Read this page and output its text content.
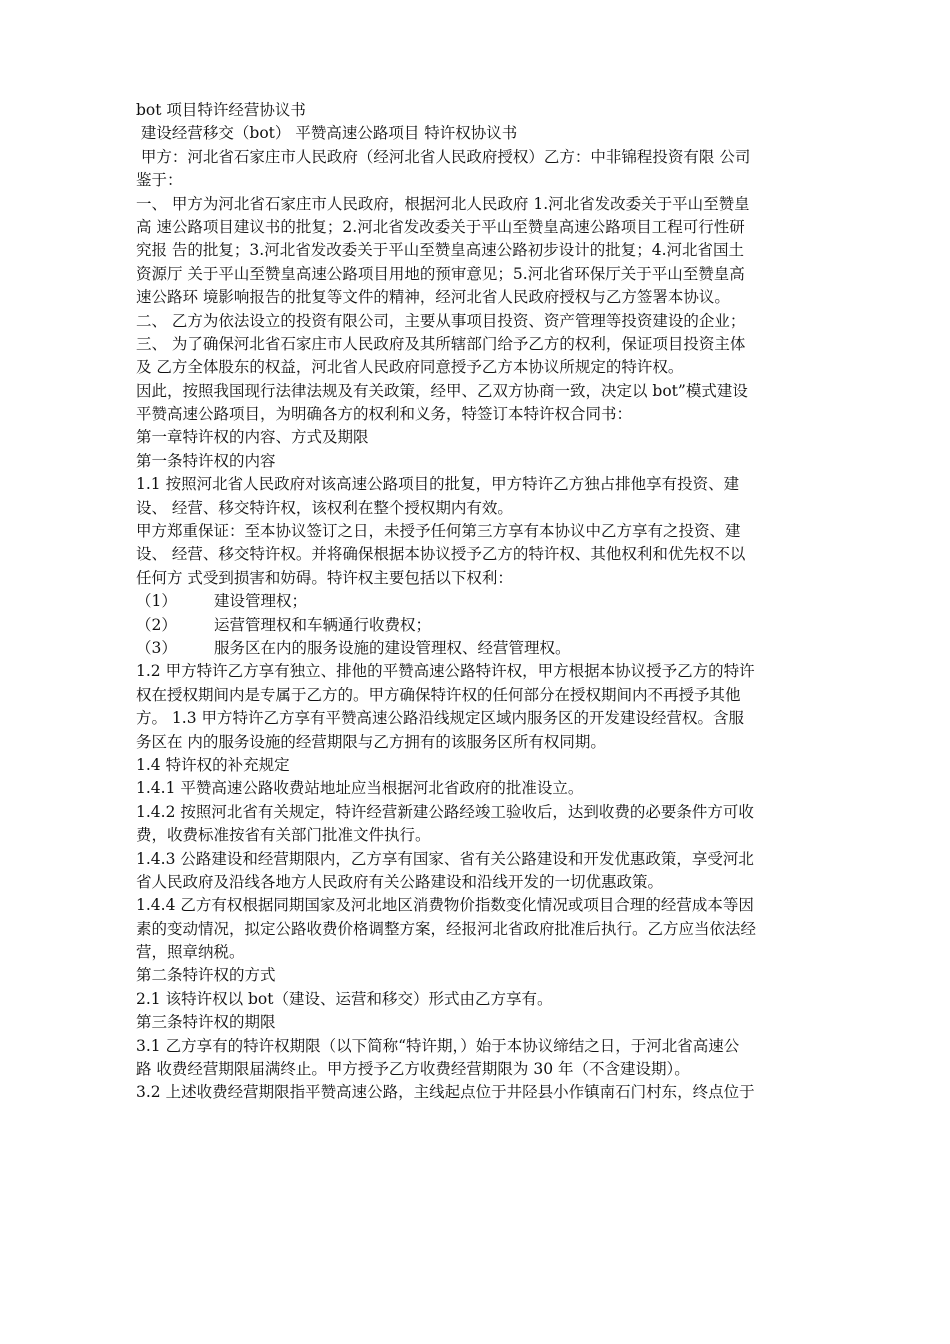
bot 项目特许经营协议书
建设经营移交（bot） 平赞高速公路项目 特许权协议书
甲方：河北省石家庄市人民政府（经河北省人民政府授权）乙方：中非锦程投资有限 公司
鉴于：
一、 甲方为河北省石家庄市人民政府，根据河北人民政府 1.河北省发改委关于平山至赞皇
高 速公路项目建议书的批复；2.河北省发改委关于平山至赞皇高速公路项目工程可行性研
究报 告的批复；3.河北省发改委关于平山至赞皇高速公路初步设计的批复；4.河北省国土
资源厅 关于平山至赞皇高速公路项目用地的预审意见；5.河北省环保厅关于平山至赞皇高
速公路环 境影响报告的批复等文件的精神，经河北省人民政府授权与乙方签署本协议。
二、 乙方为依法设立的投资有限公司，主要从事项目投资、资产管理等投资建设的企业；
三、 为了确保河北省石家庄市人民政府及其所辖部门给予乙方的权利，保证项目投资主体
及 乙方全体股东的权益，河北省人民政府同意授予乙方本协议所规定的特许权。
因此，按照我国现行法律法规及有关政策，经甲、乙双方协商一致，决定以 bot”模式建设
平赞高速公路项目，为明确各方的权利和义务，特签订本特许权合同书：
第一章特许权的内容、方式及期限
第一条特许权的内容
1.1 按照河北省人民政府对该高速公路项目的批复，甲方特许乙方独占排他享有投资、建
设、 经营、移交特许权，该权利在整个授权期内有效。
甲方郑重保证：至本协议签订之日，未授予任何第三方享有本协议中乙方享有之投资、建
设、 经营、移交特许权。并将确保根据本协议授予乙方的特许权、其他权利和优先权不以
任何方 式受到损害和妨碍。特许权主要包括以下权利：
（1） 建设管理权；
（2） 运营管理权和车辆通行收费权；
（3） 服务区在内的服务设施的建设管理权、经营管理权。
1.2 甲方特许乙方享有独立、排他的平赞高速公路特许权，甲方根据本协议授予乙方的特许
权在授权期间内是专属于乙方的。甲方确保特许权的任何部分在授权期间内不再授予其他
方。 1.3 甲方特许乙方享有平赞高速公路沿线规定区域内服务区的开发建设经营权。含服
务区在 内的服务设施的经营期限与乙方拥有的该服务区所有权同期。
1.4 特许权的补充规定
1.4.1 平赞高速公路收费站地址应当根据河北省政府的批准设立。
1.4.2 按照河北省有关规定，特许经营新建公路经竣工验收后，达到收费的必要条件方可收
费，收费标准按省有关部门批准文件执行。
1.4.3 公路建设和经营期限内，乙方享有国家、省有关公路建设和开发优惠政策，享受河北
省人民政府及沿线各地方人民政府有关公路建设和沿线开发的一切优惠政策。
1.4.4 乙方有权根据同期国家及河北地区消费物价指数变化情况或项目合理的经营成本等因
素的变动情况，拟定公路收费价格调整方案，经报河北省政府批准后执行。乙方应当依法经
营，照章纳税。
第二条特许权的方式
2.1 该特许权以 bot（建设、运营和移交）形式由乙方享有。
第三条特许权的期限
3.1 乙方享有的特许权期限（以下简称“特许期，）始于本协议缔结之日，于河北省高速公
路 收费经营期限届满终止。甲方授予乙方收费经营期限为 30 年（不含建设期）。
3.2 上述收费经营期限指平赞高速公路，主线起点位于井陉县小作镇南石门村东，终点位于
